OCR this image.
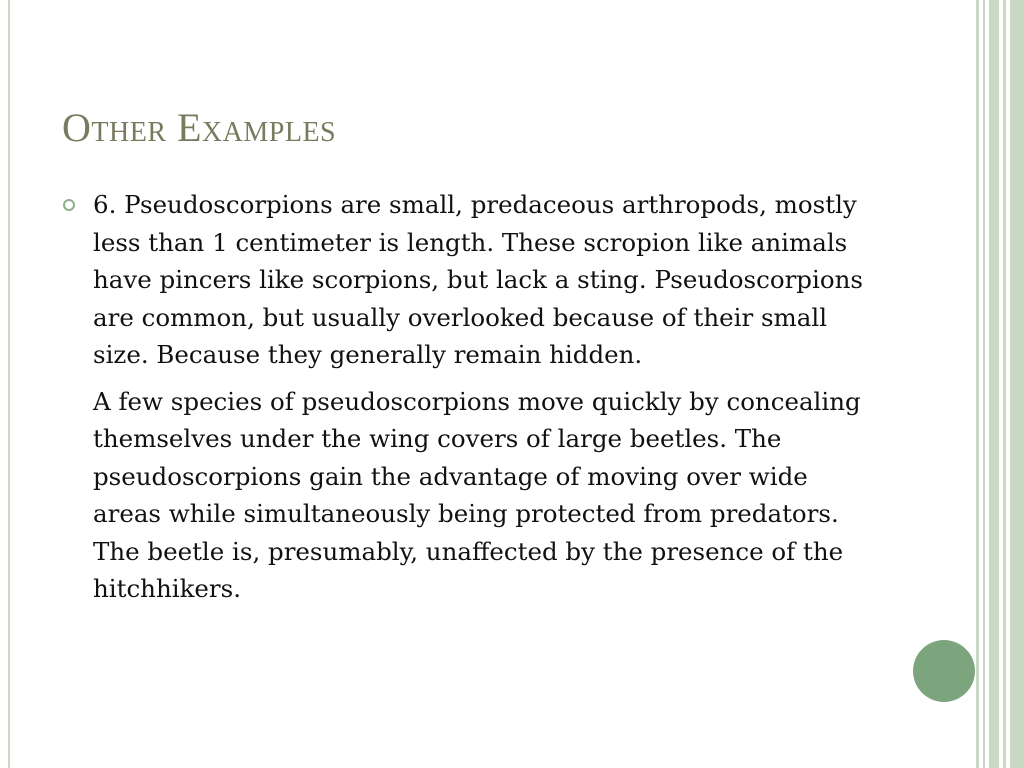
Other Examples

6. Pseudoscorpions are small, predaceous arthropods, mostly less than 1 centimeter is length. These scropion like animals have pincers like scorpions, but lack a sting. Pseudoscorpions are common, but usually overlooked because of their small size. Because they generally remain hidden.

A few species of pseudoscorpions move quickly by concealing themselves under the wing covers of large beetles. The pseudoscorpions gain the advantage of moving over wide areas while simultaneously being protected from predators. The beetle is, presumably, unaffected by the presence of the hitchhikers.
